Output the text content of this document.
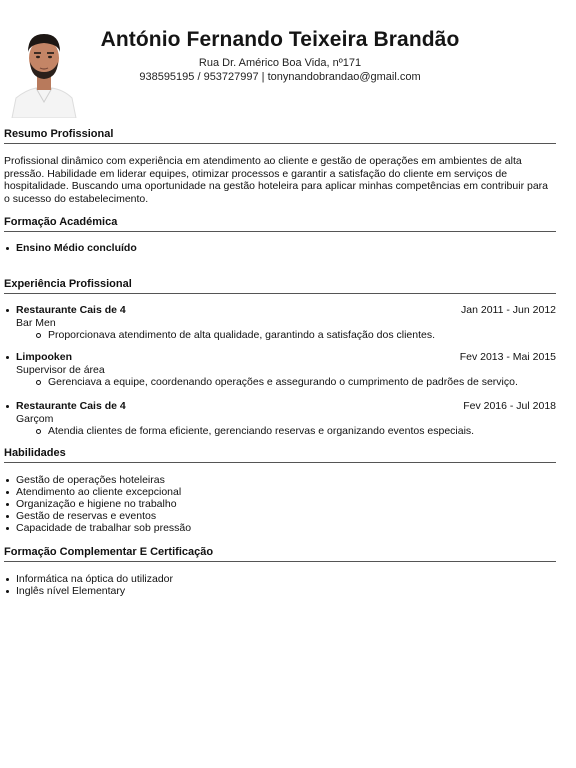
António Fernando Teixeira Brandão
Rua Dr. Américo Boa Vida, nº171
938595195 / 953727997 | tonynandobrandao@gmail.com
Resumo Profissional
Profissional dinâmico com experiência em atendimento ao cliente e gestão de operações em ambientes de alta pressão. Habilidade em liderar equipes, otimizar processos e garantir a satisfação do cliente em serviços de hospitalidade. Buscando uma oportunidade na gestão hoteleira para aplicar minhas competências em contribuir para o sucesso do estabelecimento.
Formação Académica
Ensino Médio concluído
Experiência Profissional
Restaurante Cais de 4	Jan 2011 - Jun 2012
Bar Men
Proporcionava atendimento de alta qualidade, garantindo a satisfação dos clientes.
Limpooken	Fev 2013 - Mai 2015
Supervisor de área
Gerenciava a equipe, coordenando operações e assegurando o cumprimento de padrões de serviço.
Restaurante Cais de 4	Fev 2016 - Jul 2018
Garçom
Atendia clientes de forma eficiente, gerenciando reservas e organizando eventos especiais.
Habilidades
Gestão de operações hoteleiras
Atendimento ao cliente excepcional
Organização e higiene no trabalho
Gestão de reservas e eventos
Capacidade de trabalhar sob pressão
Formação Complementar E Certificação
Informática na óptica do utilizador
Inglês nível Elementary
